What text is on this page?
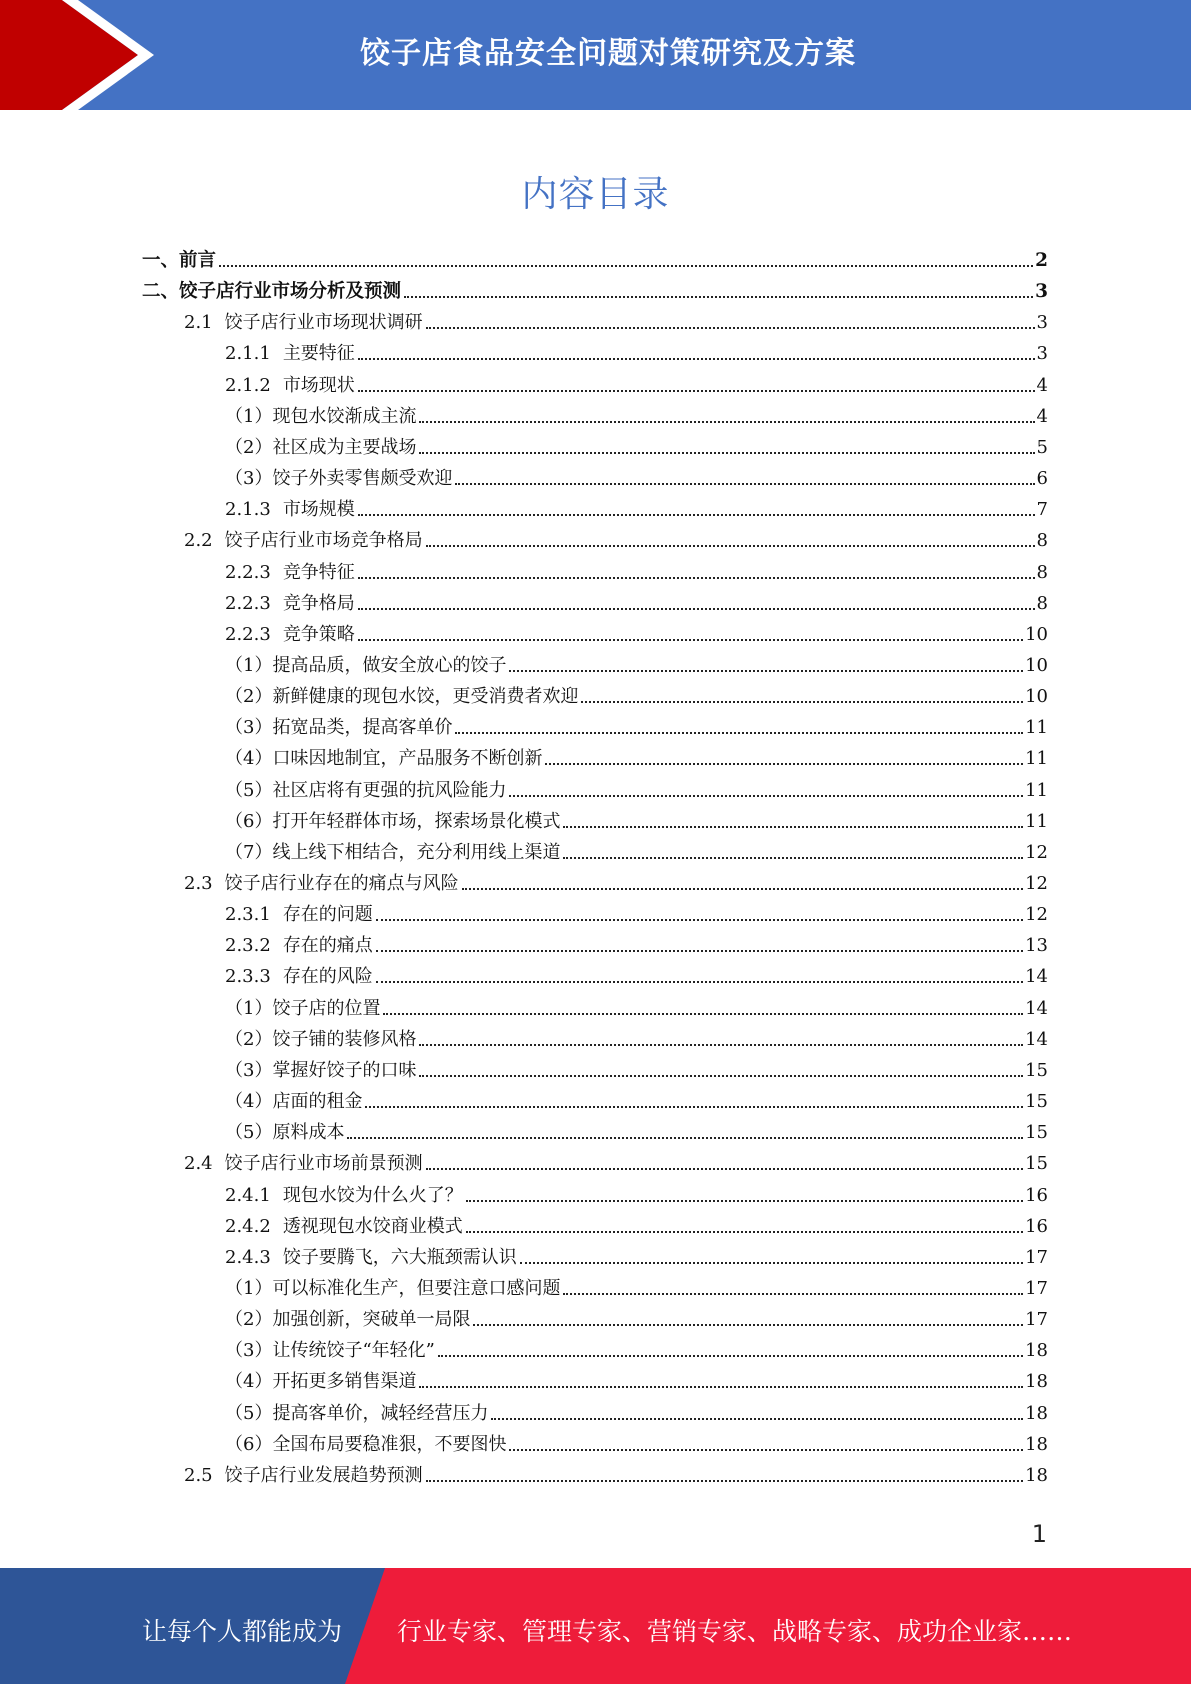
饺子店食品安全问题对策研究及方案
内容目录
一、前言	2
二、饺子店行业市场分析及预测	3
2.1 饺子店行业市场现状调研	3
2.1.1 主要特征	3
2.1.2 市场现状	4
（1）现包水饺渐成主流	4
（2）社区成为主要战场	5
（3）饺子外卖零售颇受欢迎	6
2.1.3 市场规模	7
2.2 饺子店行业市场竞争格局	8
2.2.3 竞争特征	8
2.2.3 竞争格局	8
2.2.3 竞争策略	10
（1）提高品质，做安全放心的饺子	10
（2）新鲜健康的现包水饺，更受消费者欢迎	10
（3）拓宽品类，提高客单价	11
（4）口味因地制宜，产品服务不断创新	11
（5）社区店将有更强的抗风险能力	11
（6）打开年轻群体市场，探索场景化模式	11
（7）线上线下相结合，充分利用线上渠道	12
2.3 饺子店行业存在的痛点与风险	12
2.3.1 存在的问题	12
2.3.2 存在的痛点	13
2.3.3 存在的风险	14
（1）饺子店的位置	14
（2）饺子铺的装修风格	14
（3）掌握好饺子的口味	15
（4）店面的租金	15
（5）原料成本	15
2.4 饺子店行业市场前景预测	15
2.4.1 现包水饺为什么火了？	16
2.4.2 透视现包水饺商业模式	16
2.4.3 饺子要腾飞，六大瓶颈需认识	17
（1）可以标准化生产，但要注意口感问题	17
（2）加强创新，突破单一局限	17
（3）让传统饺子“年轻化”	18
（4）开拓更多销售渠道	18
（5）提高客单价，减轻经营压力	18
（6）全国布局要稳准狠，不要图快	18
2.5 饺子店行业发展趋势预测	18
1
让每个人都能成为 行业专家、管理专家、营销专家、战略专家、成功企业家……
